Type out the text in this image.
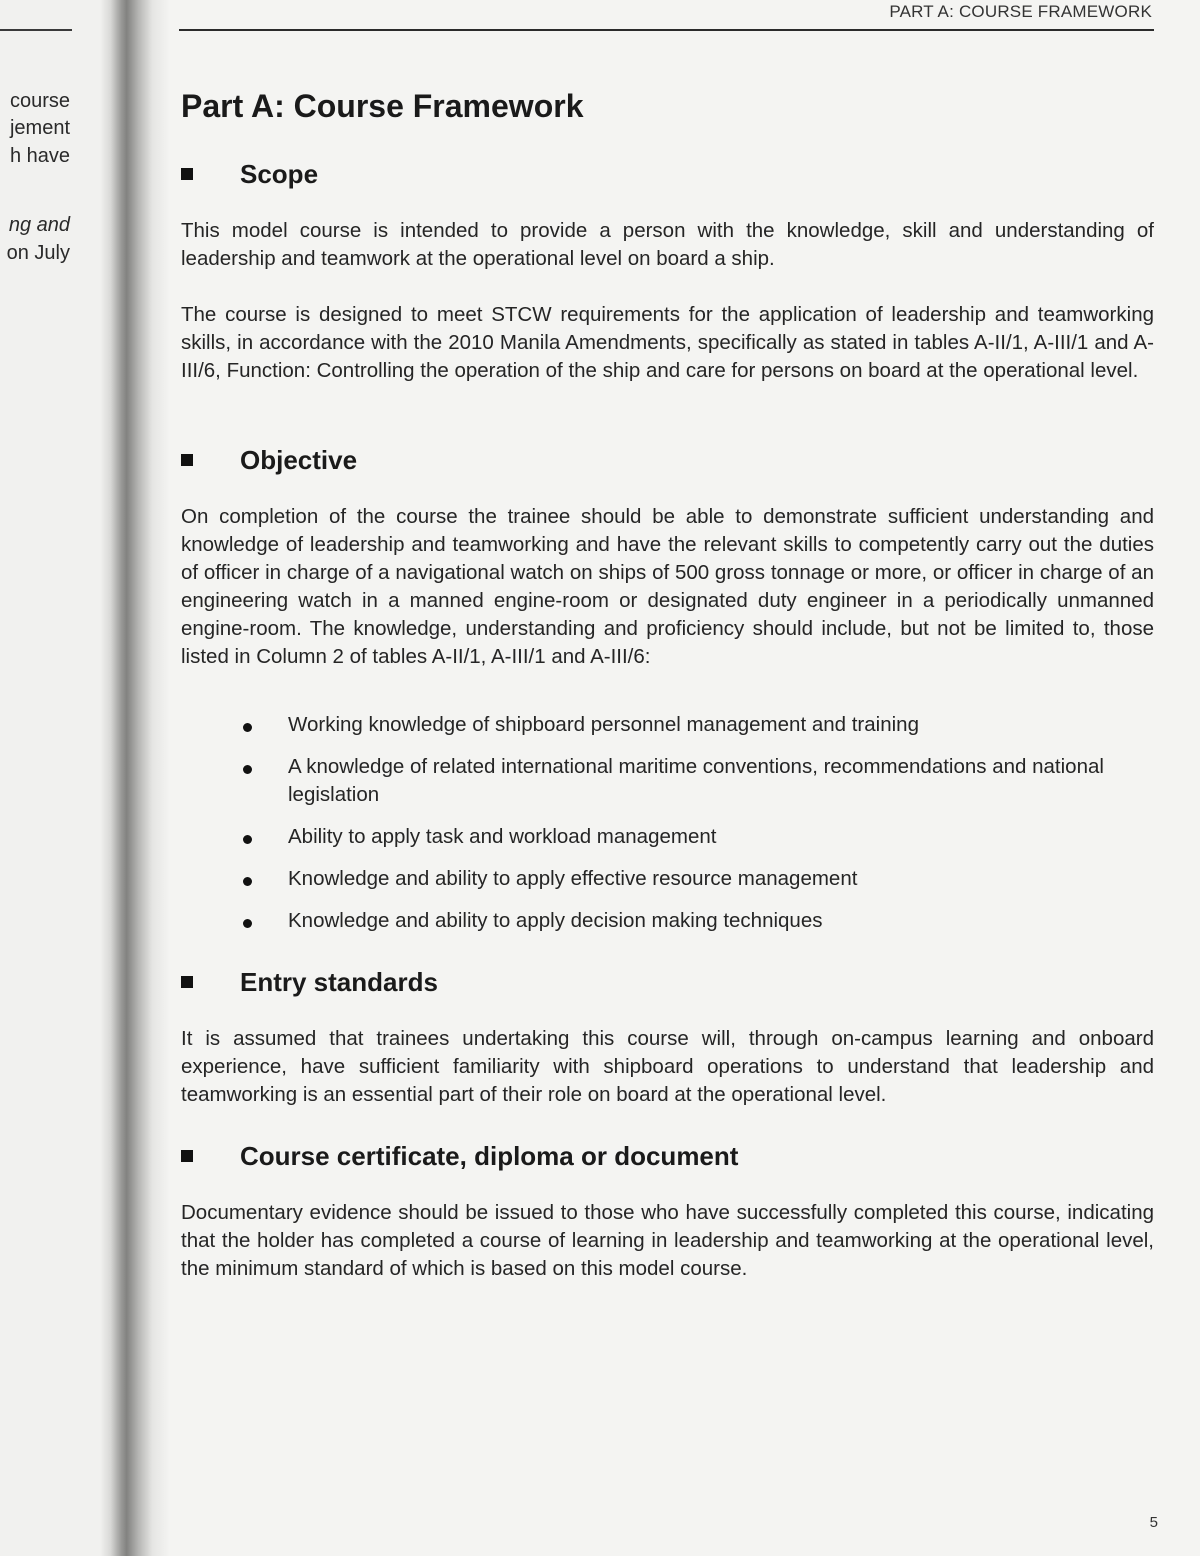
course
jement
h have
ng and
on July
PART A: COURSE FRAMEWORK
Part A: Course Framework
Scope

This model course is intended to provide a person with the knowledge, skill and understanding of leadership and teamwork at the operational level on board a ship.

The course is designed to meet STCW requirements for the application of leadership and teamworking skills, in accordance with the 2010 Manila Amendments, specifically as stated in tables A-II/1, A-III/1 and A-III/6, Function: Controlling the operation of the ship and care for persons on board at the operational level.

Objective

On completion of the course the trainee should be able to demonstrate sufficient understanding and knowledge of leadership and teamworking and have the relevant skills to competently carry out the duties of officer in charge of a navigational watch on ships of 500 gross tonnage or more, or officer in charge of an engineering watch in a manned engine-room or designated duty engineer in a periodically unmanned engine-room. The knowledge, understanding and proficiency should include, but not be limited to, those listed in Column 2 of tables A-II/1, A-III/1 and A-III/6:

Working knowledge of shipboard personnel management and training
A knowledge of related international maritime conventions, recommendations and national legislation
Ability to apply task and workload management
Knowledge and ability to apply effective resource management
Knowledge and ability to apply decision making techniques
Entry standards

It is assumed that trainees undertaking this course will, through on-campus learning and onboard experience, have sufficient familiarity with shipboard operations to understand that leadership and teamworking is an essential part of their role on board at the operational level.

Course certificate, diploma or document

Documentary evidence should be issued to those who have successfully completed this course, indicating that the holder has completed a course of learning in leadership and teamworking at the operational level, the minimum standard of which is based on this model course.

5
